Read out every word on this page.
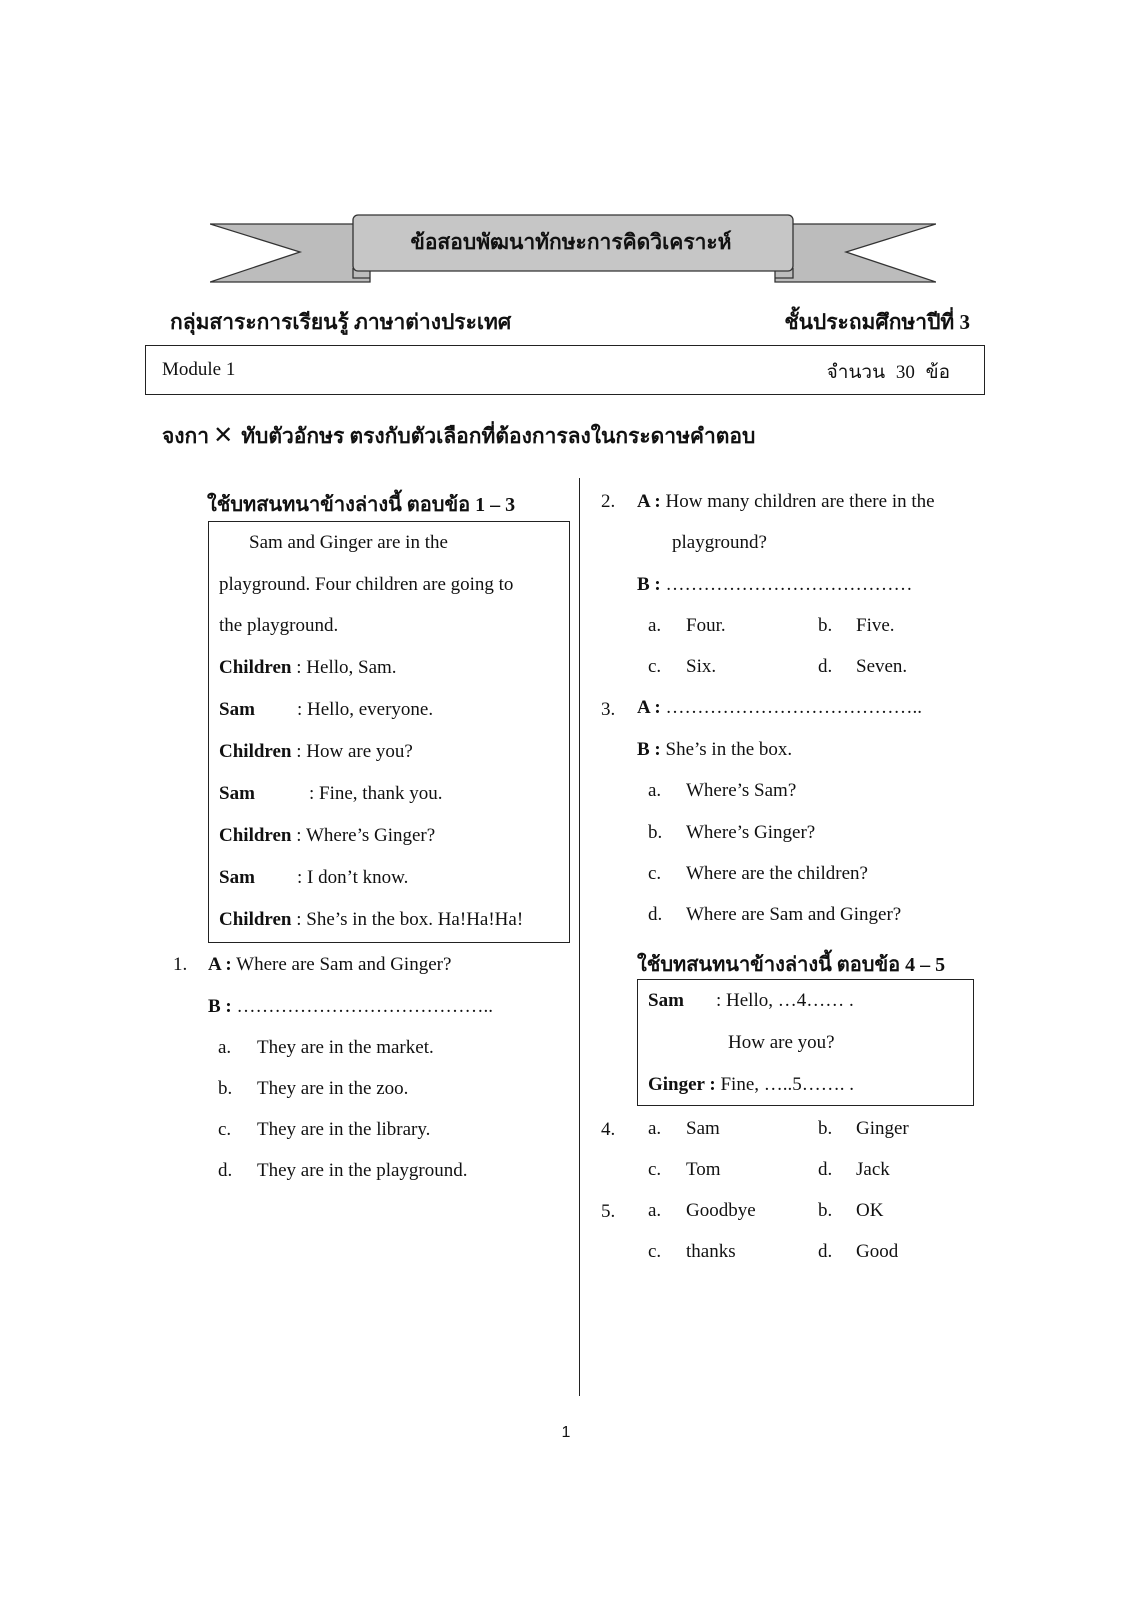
ข้อสอบพัฒนาทักษะการคิดวิเคราะห์
กลุ่มสาระการเรียนรู้ ภาษาต่างประเทศ	ชั้นประถมศึกษาปีที่ 3
Module 1	จำนวน 30 ข้อ
จงกา ✕ ทับตัวอักษร ตรงกับตัวเลือกที่ต้องการลงในกระดาษคำตอบ
ใช้บทสนทนาข้างล่างนี้ ตอบข้อ 1 – 3
Sam and Ginger are in the
playground. Four children are going to
the playground.
Children : Hello, Sam.
Sam : Hello, everyone.
Children : How are you?
Sam	: Fine, thank you.
Children : Where’s Ginger?
Sam : I don’t know.
Children : She’s in the box. Ha!Ha!Ha!
1. A : Where are Sam and Ginger?
B : …………………………………..
a. They are in the market.
b. They are in the zoo.
c. They are in the library.
d. They are in the playground.
2. A : How many children are there in the
playground?
B : …………………………………
a. Four.	b. Five.
c. Six.	d. Seven.
3. A : …………………………………..
B : She’s in the box.
a. Where’s Sam?
b. Where’s Ginger?
c. Where are the children?
d. Where are Sam and Ginger?
ใช้บทสนทนาข้างล่างนี้ ตอบข้อ 4 – 5
Sam : Hello, …4…… .
How are you?
Ginger : Fine, …..5……. .
4. a. Sam	b. Ginger
c. Tom	d. Jack
5. a. Goodbye	b. OK
c. thanks	d. Good
1
